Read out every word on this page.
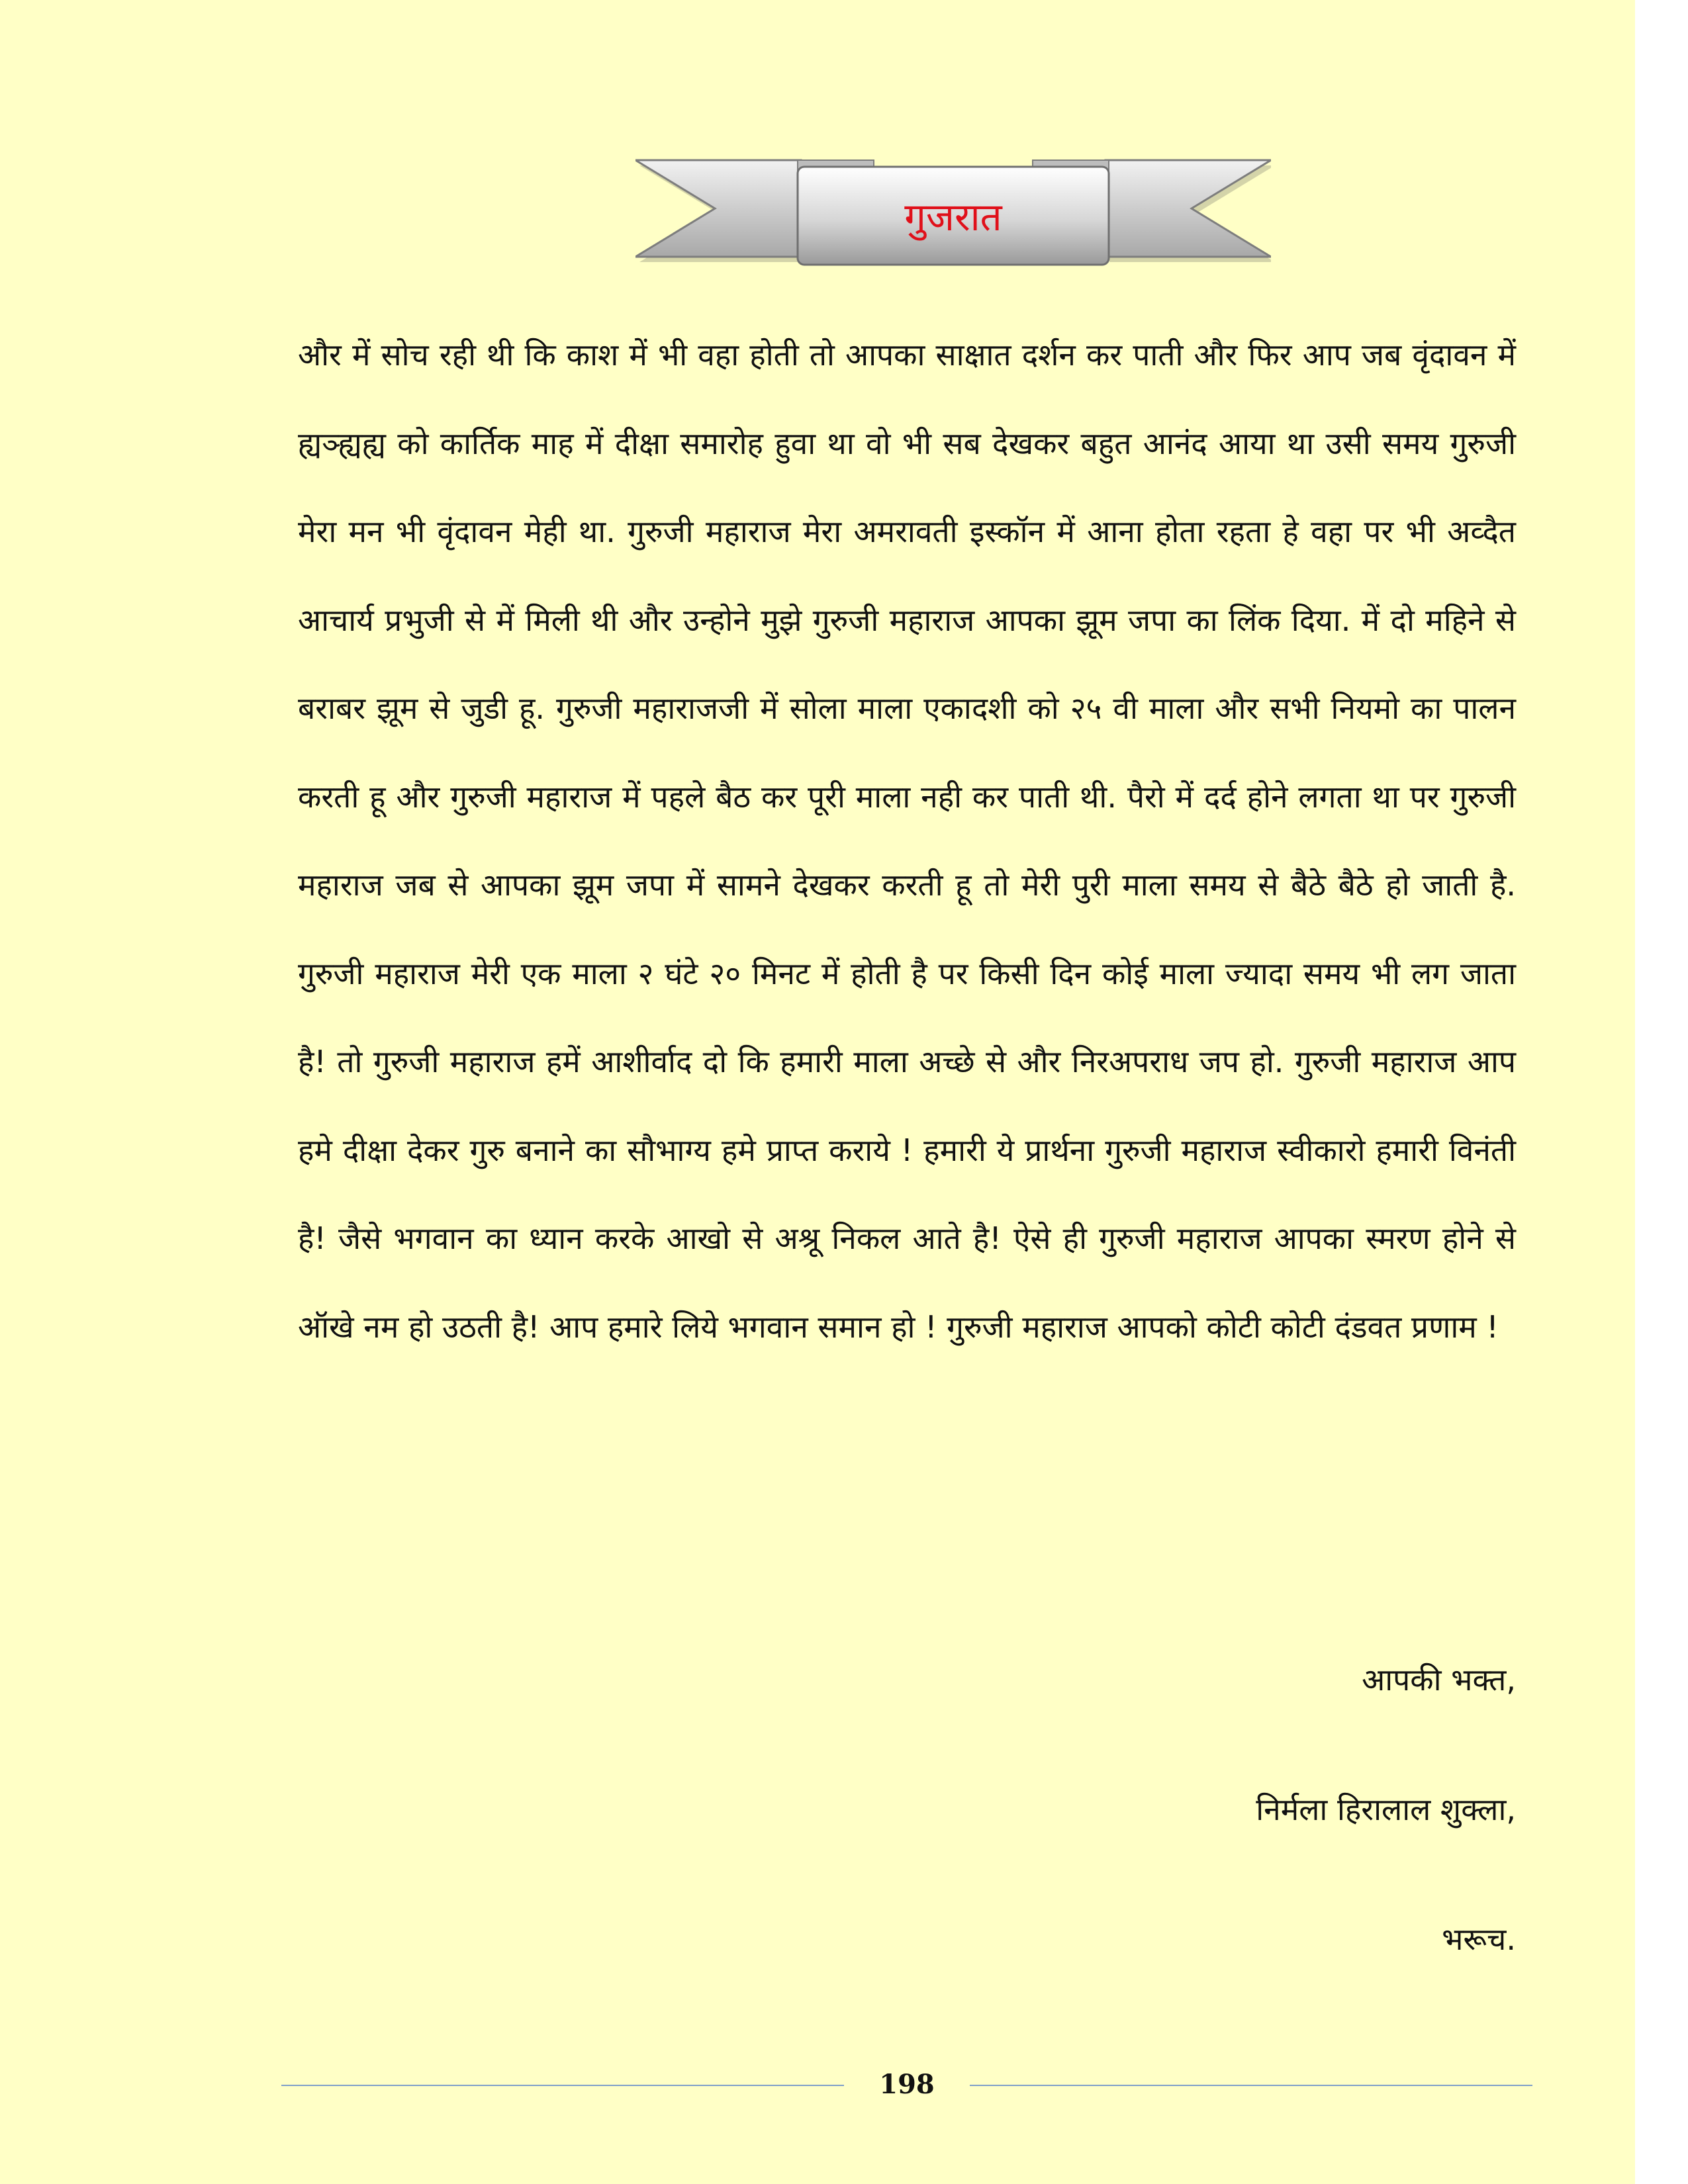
गुजरात

और में सोच रही थी कि काश में भी वहा होती तो आपका साक्षात दर्शन कर पाती और फिर आप जब वृंदावन में ह्यञ्ह्यह्य को कार्तिक माह में दीक्षा समारोह हुवा था वो भी सब देखकर बहुत आनंद आया था उसी समय गुरुजी मेरा मन भी वृंदावन मेही था. गुरुजी महाराज मेरा अमरावती इस्कॉन में आना होता रहता हे वहा पर भी अव्दैत आचार्य प्रभुजी से में मिली थी और उन्होने मुझे गुरुजी महाराज आपका झूम जपा का लिंक दिया. में दो महिने से बराबर झूम से जुडी हू. गुरुजी महाराजजी में सोला माला एकादशी को २५ वी माला और सभी नियमो का पालन करती हू और गुरुजी महाराज में पहले बैठ कर पूरी माला नही कर पाती थी. पैरो में दर्द होने लगता था पर गुरुजी महाराज जब से आपका झूम जपा में सामने देखकर करती हू तो मेरी पुरी माला समय से बैठे बैठे हो जाती है. गुरुजी महाराज मेरी एक माला २ घंटे २० मिनट में होती है पर किसी दिन कोई माला ज्यादा समय भी लग जाता है! तो गुरुजी महाराज हमें आशीर्वाद दो कि हमारी माला अच्छे से और निरअपराध जप हो. गुरुजी महाराज आप हमे दीक्षा देकर गुरु बनाने का सौभाग्य हमे प्राप्त कराये ! हमारी ये प्रार्थना गुरुजी महाराज स्वीकारो हमारी विनंती है! जैसे भगवान का ध्यान करके आखो से अश्रू निकल आते है! ऐसे ही गुरुजी महाराज आपका स्मरण होने से ऑखे नम हो उठती है! आप हमारे लिये भगवान समान हो ! गुरुजी महाराज आपको कोटी कोटी दंडवत प्रणाम !

आपकी भक्त,
निर्मला हिरालाल शुक्ला,
भरूच.
198
